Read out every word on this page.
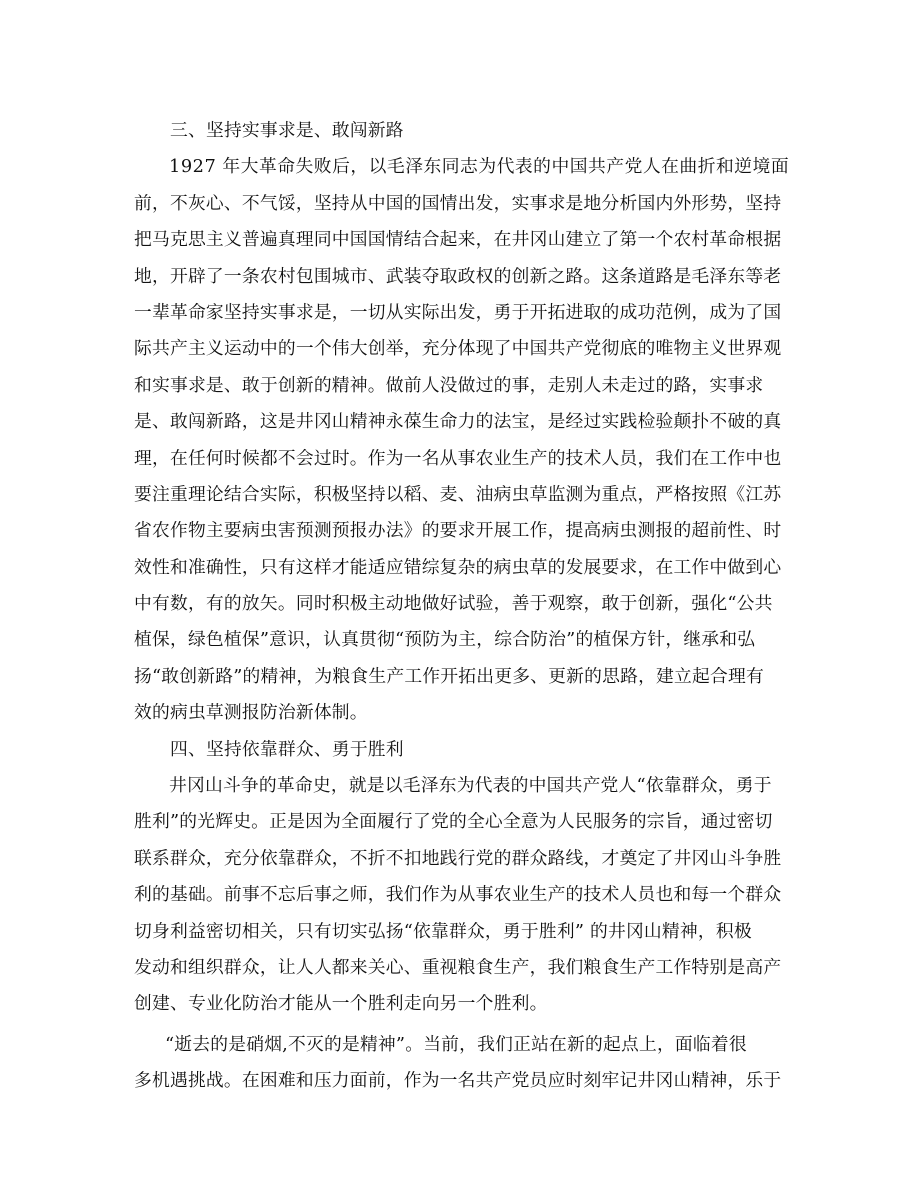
三、坚持实事求是、敢闯新路
1927 年大革命失败后，以毛泽东同志为代表的中国共产党人在曲折和逆境面
前，不灰心、不气馁，坚持从中国的国情出发，实事求是地分析国内外形势，坚持
把马克思主义普遍真理同中国国情结合起来，在井冈山建立了第一个农村革命根据
地，开辟了一条农村包围城市、武装夺取政权的创新之路。这条道路是毛泽东等老
一辈革命家坚持实事求是，一切从实际出发，勇于开拓进取的成功范例，成为了国
际共产主义运动中的一个伟大创举，充分体现了中国共产党彻底的唯物主义世界观
和实事求是、敢于创新的精神。做前人没做过的事，走别人未走过的路，实事求
是、敢闯新路，这是井冈山精神永葆生命力的法宝，是经过实践检验颠扑不破的真
理，在任何时候都不会过时。作为一名从事农业生产的技术人员，我们在工作中也
要注重理论结合实际，积极坚持以稻、麦、油病虫草监测为重点，严格按照《江苏
省农作物主要病虫害预测预报办法》的要求开展工作，提高病虫测报的超前性、时
效性和准确性，只有这样才能适应错综复杂的病虫草的发展要求，在工作中做到心
中有数，有的放矢。同时积极主动地做好试验，善于观察，敢于创新，强化“公共
植保，绿色植保”意识，认真贯彻“预防为主，综合防治”的植保方针，继承和弘
扬“敢创新路”的精神，为粮食生产工作开拓出更多、更新的思路，建立起合理有
效的病虫草测报防治新体制。
四、坚持依靠群众、勇于胜利
井冈山斗争的革命史，就是以毛泽东为代表的中国共产党人“依靠群众，勇于
胜利”的光辉史。正是因为全面履行了党的全心全意为人民服务的宗旨，通过密切
联系群众，充分依靠群众，不折不扣地践行党的群众路线，才奠定了井冈山斗争胜
利的基础。前事不忘后事之师，我们作为从事农业生产的技术人员也和每一个群众
切身利益密切相关，只有切实弘扬“依靠群众，勇于胜利” 的井冈山精神，积极
发动和组织群众，让人人都来关心、重视粮食生产，我们粮食生产工作特别是高产
创建、专业化防治才能从一个胜利走向另一个胜利。
“逝去的是硝烟,不灭的是精神”。当前，我们正站在新的起点上，面临着很
多机遇挑战。在困难和压力面前，作为一名共产党员应时刻牢记井冈山精神，乐于
